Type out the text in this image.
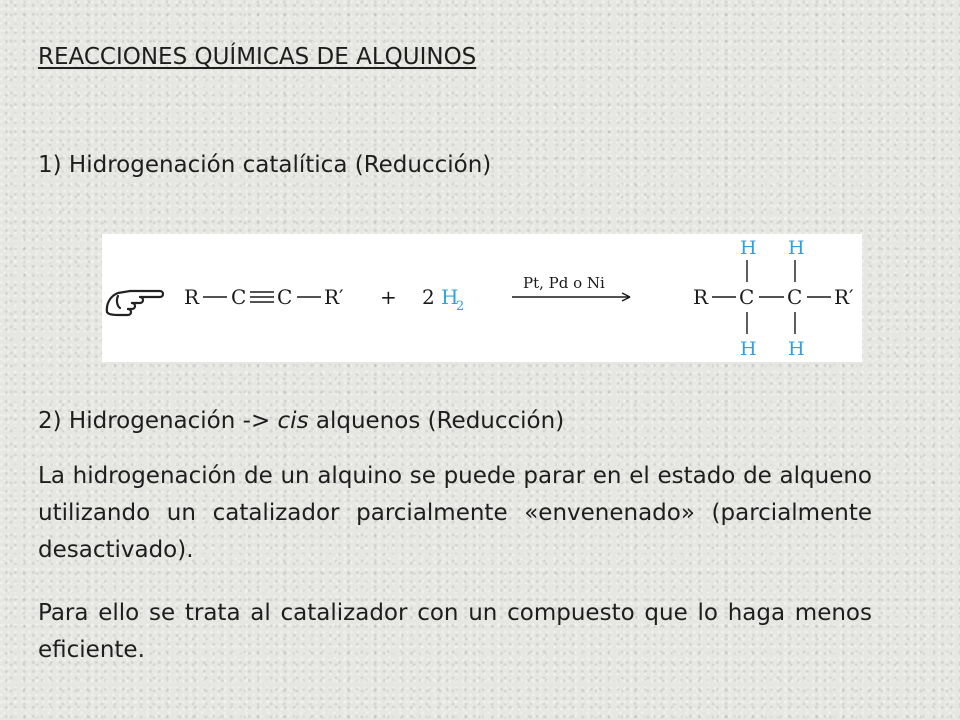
REACCIONES QUÍMICAS DE ALQUINOS
1) Hidrogenación catalítica (Reducción)
R C C R′ + 2 H
2
Pt, Pd o Ni
R C C R′
H H
H H
2) Hidrogenación -> cis alquenos (Reducción)
La hidrogenación de un alquino se puede parar en el estado de alqueno utilizando un catalizador parcialmente «envenenado» (parcialmente desactivado).
Para ello se trata al catalizador con un compuesto que lo haga menos eficiente.
